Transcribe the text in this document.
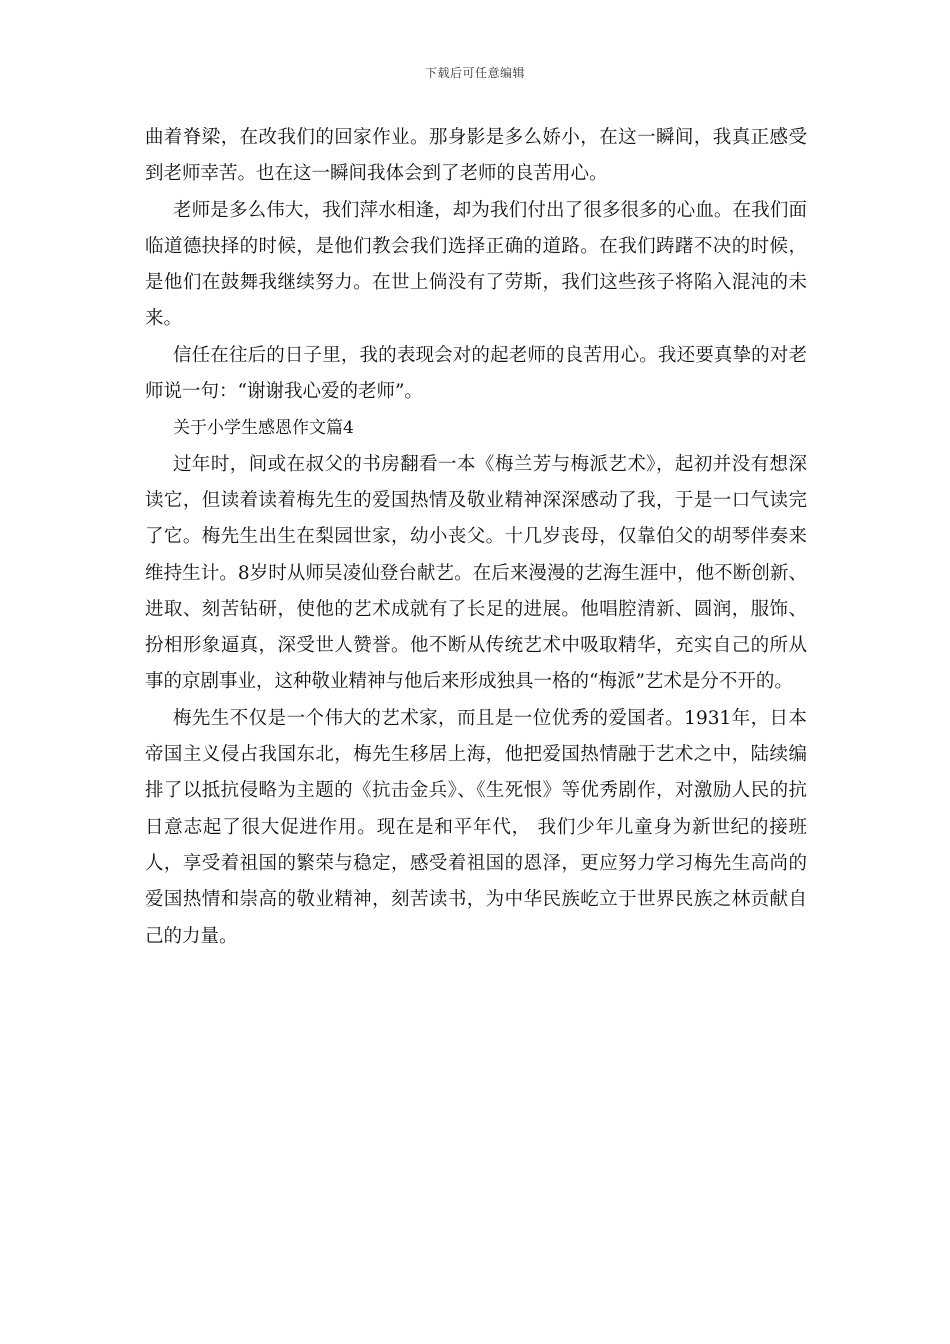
下载后可任意编辑

曲着脊梁，在改我们的回家作业。那身影是多么娇小，在这一瞬间，我真正感受到老师幸苦。也在这一瞬间我体会到了老师的良苦用心。

老师是多么伟大，我们萍水相逢，却为我们付出了很多很多的心血。在我们面临道德抉择的时候，是他们教会我们选择正确的道路。在我们踌躇不决的时候，是他们在鼓舞我继续努力。在世上倘没有了劳斯，我们这些孩子将陷入混沌的未来。

信任在往后的日子里，我的表现会对的起老师的良苦用心。我还要真挚的对老师说一句：“谢谢我心爱的老师”。

关于小学生感恩作文篇4

过年时，间或在叔父的书房翻看一本《梅兰芳与梅派艺术》，起初并没有想深读它，但读着读着梅先生的爱国热情及敬业精神深深感动了我，于是一口气读完了它。梅先生出生在梨园世家，幼小丧父。十几岁丧母，仅靠伯父的胡琴伴奏来维持生计。8岁时从师吴凌仙登台献艺。在后来漫漫的艺海生涯中，他不断创新、进取、刻苦钻研，使他的艺术成就有了长足的进展。他唱腔清新、圆润，服饰、扮相形象逼真，深受世人赞誉。他不断从传统艺术中吸取精华，充实自己的所从事的京剧事业，这种敬业精神与他后来形成独具一格的“梅派”艺术是分不开的。

梅先生不仅是一个伟大的艺术家，而且是一位优秀的爱国者。1931年，日本帝国主义侵占我国东北，梅先生移居上海，他把爱国热情融于艺术之中，陆续编排了以抵抗侵略为主题的《抗击金兵》、《生死恨》等优秀剧作，对激励人民的抗日意志起了很大促进作用。现在是和平年代， 我们少年儿童身为新世纪的接班人，享受着祖国的繁荣与稳定，感受着祖国的恩泽，更应努力学习梅先生高尚的爱国热情和崇高的敬业精神，刻苦读书，为中华民族屹立于世界民族之林贡献自己的力量。
